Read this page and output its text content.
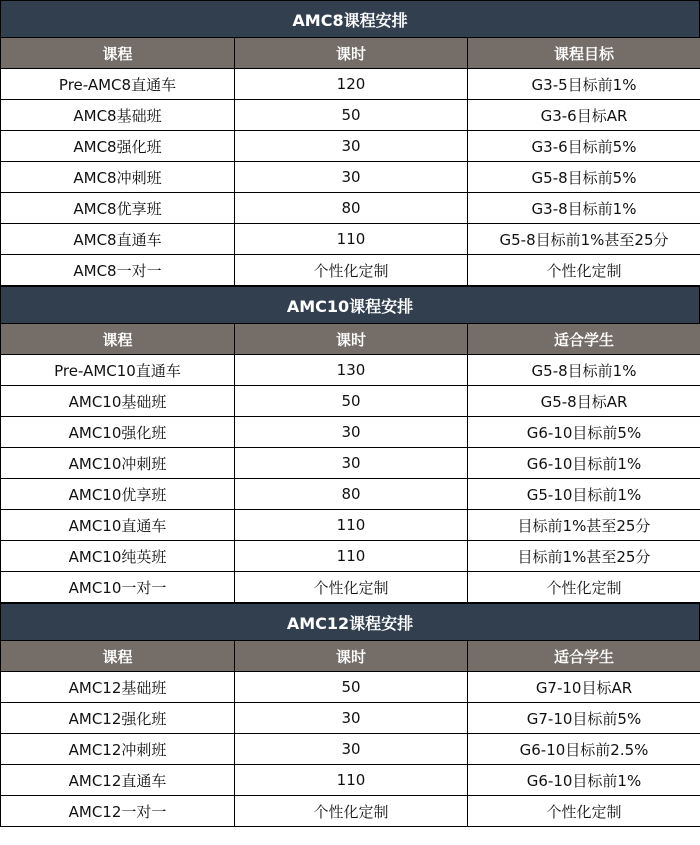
AMC8课程安排
课程	课时	课程目标
Pre-AMC8直通车	120	G3-5目标前1%
AMC8基础班	50	G3-6目标AR
AMC8强化班	30	G3-6目标前5%
AMC8冲刺班	30	G5-8目标前5%
AMC8优享班	80	G3-8目标前1%
AMC8直通车	110	G5-8目标前1%甚至25分
AMC8一对一	个性化定制	个性化定制
AMC10课程安排
课程	课时	适合学生
Pre-AMC10直通车	130	G5-8目标前1%
AMC10基础班	50	G5-8目标AR
AMC10强化班	30	G6-10目标前5%
AMC10冲刺班	30	G6-10目标前1%
AMC10优享班	80	G5-10目标前1%
AMC10直通车	110	目标前1%甚至25分
AMC10纯英班	110	目标前1%甚至25分
AMC10一对一	个性化定制	个性化定制
AMC12课程安排
课程	课时	适合学生
AMC12基础班	50	G7-10目标AR
AMC12强化班	30	G7-10目标前5%
AMC12冲刺班	30	G6-10目标前2.5%
AMC12直通车	110	G6-10目标前1%
AMC12一对一	个性化定制	个性化定制
